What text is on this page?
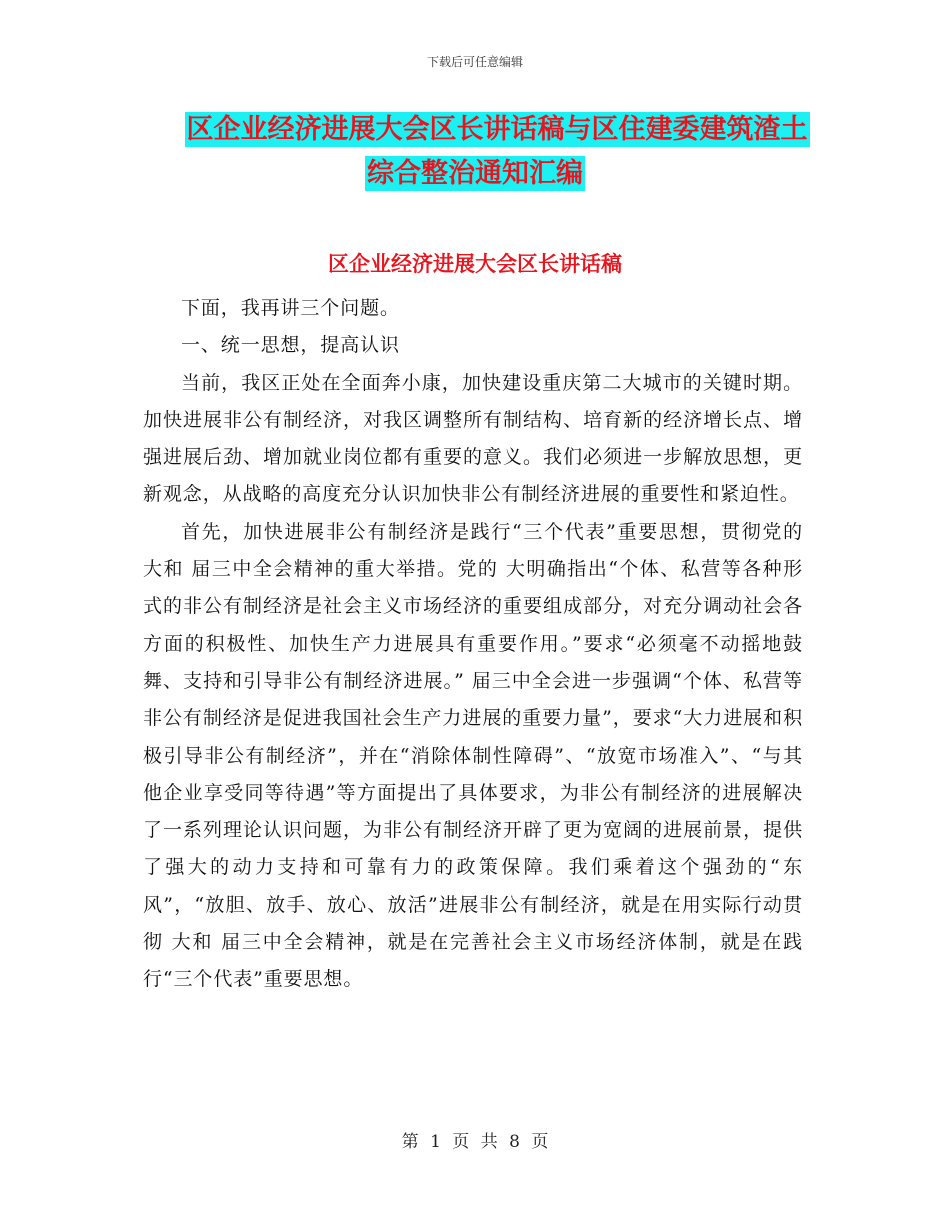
下载后可任意编辑
区企业经济进展大会区长讲话稿与区住建委建筑渣土
综合整治通知汇编
区企业经济进展大会区长讲话稿

下面，我再讲三个问题。

一、统一思想，提高认识

当前，我区正处在全面奔小康，加快建设重庆第二大城市的关键时期。加快进展非公有制经济，对我区调整所有制结构、培育新的经济增长点、增强进展后劲、增加就业岗位都有重要的意义。我们必须进一步解放思想，更新观念，从战略的高度充分认识加快非公有制经济进展的重要性和紧迫性。

首先，加快进展非公有制经济是践行“三个代表”重要思想，贯彻党的 大和 届三中全会精神的重大举措。党的 大明确指出“个体、私营等各种形式的非公有制经济是社会主义市场经济的重要组成部分，对充分调动社会各方面的积极性、加快生产力进展具有重要作用。”要求“必须毫不动摇地鼓舞、支持和引导非公有制经济进展。” 届三中全会进一步强调“个体、私营等非公有制经济是促进我国社会生产力进展的重要力量”，要求“大力进展和积极引导非公有制经济”，并在“消除体制性障碍”、“放宽市场准入”、“与其他企业享受同等待遇”等方面提出了具体要求，为非公有制经济的进展解决了一系列理论认识问题，为非公有制经济开辟了更为宽阔的进展前景，提供了强大的动力支持和可靠有力的政策保障。我们乘着这个强劲的“东风”，“放胆、放手、放心、放活”进展非公有制经济，就是在用实际行动贯彻 大和 届三中全会精神，就是在完善社会主义市场经济体制，就是在践行“三个代表”重要思想。

第 1 页 共 8 页
